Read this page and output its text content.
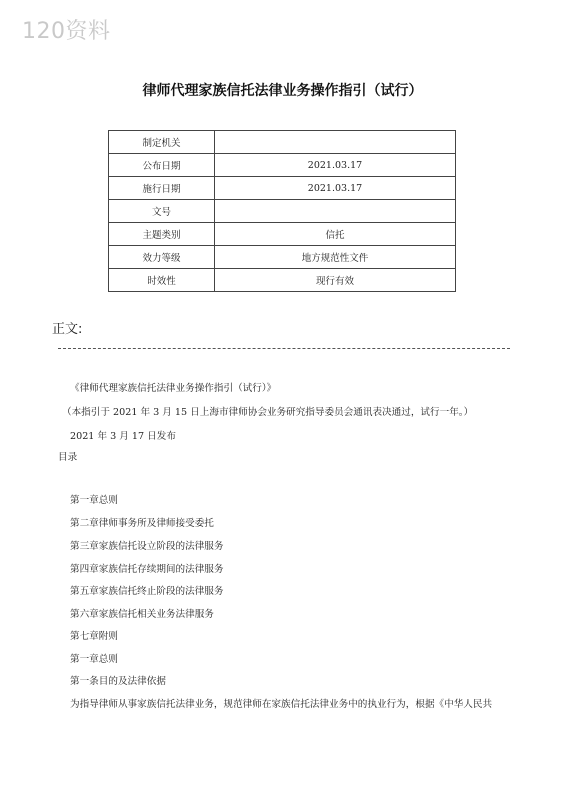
120资料
律师代理家族信托法律业务操作指引（试行）
制定机关	
公布日期	2021.03.17
施行日期	2021.03.17
文号	
主题类别	信托
效力等级	地方规范性文件
时效性	现行有效
正文:
《律师代理家族信托法律业务操作指引（试行）》
（本指引于 2021 年 3 月 15 日上海市律师协会业务研究指导委员会通讯表决通过，试行一年。）
2021 年 3 月 17 日发布
目录
第一章总则
第二章律师事务所及律师接受委托
第三章家族信托设立阶段的法律服务
第四章家族信托存续期间的法律服务
第五章家族信托终止阶段的法律服务
第六章家族信托相关业务法律服务
第七章附则
第一章总则
第一条目的及法律依据
为指导律师从事家族信托法律业务，规范律师在家族信托法律业务中的执业行为，根据《中华人民共
